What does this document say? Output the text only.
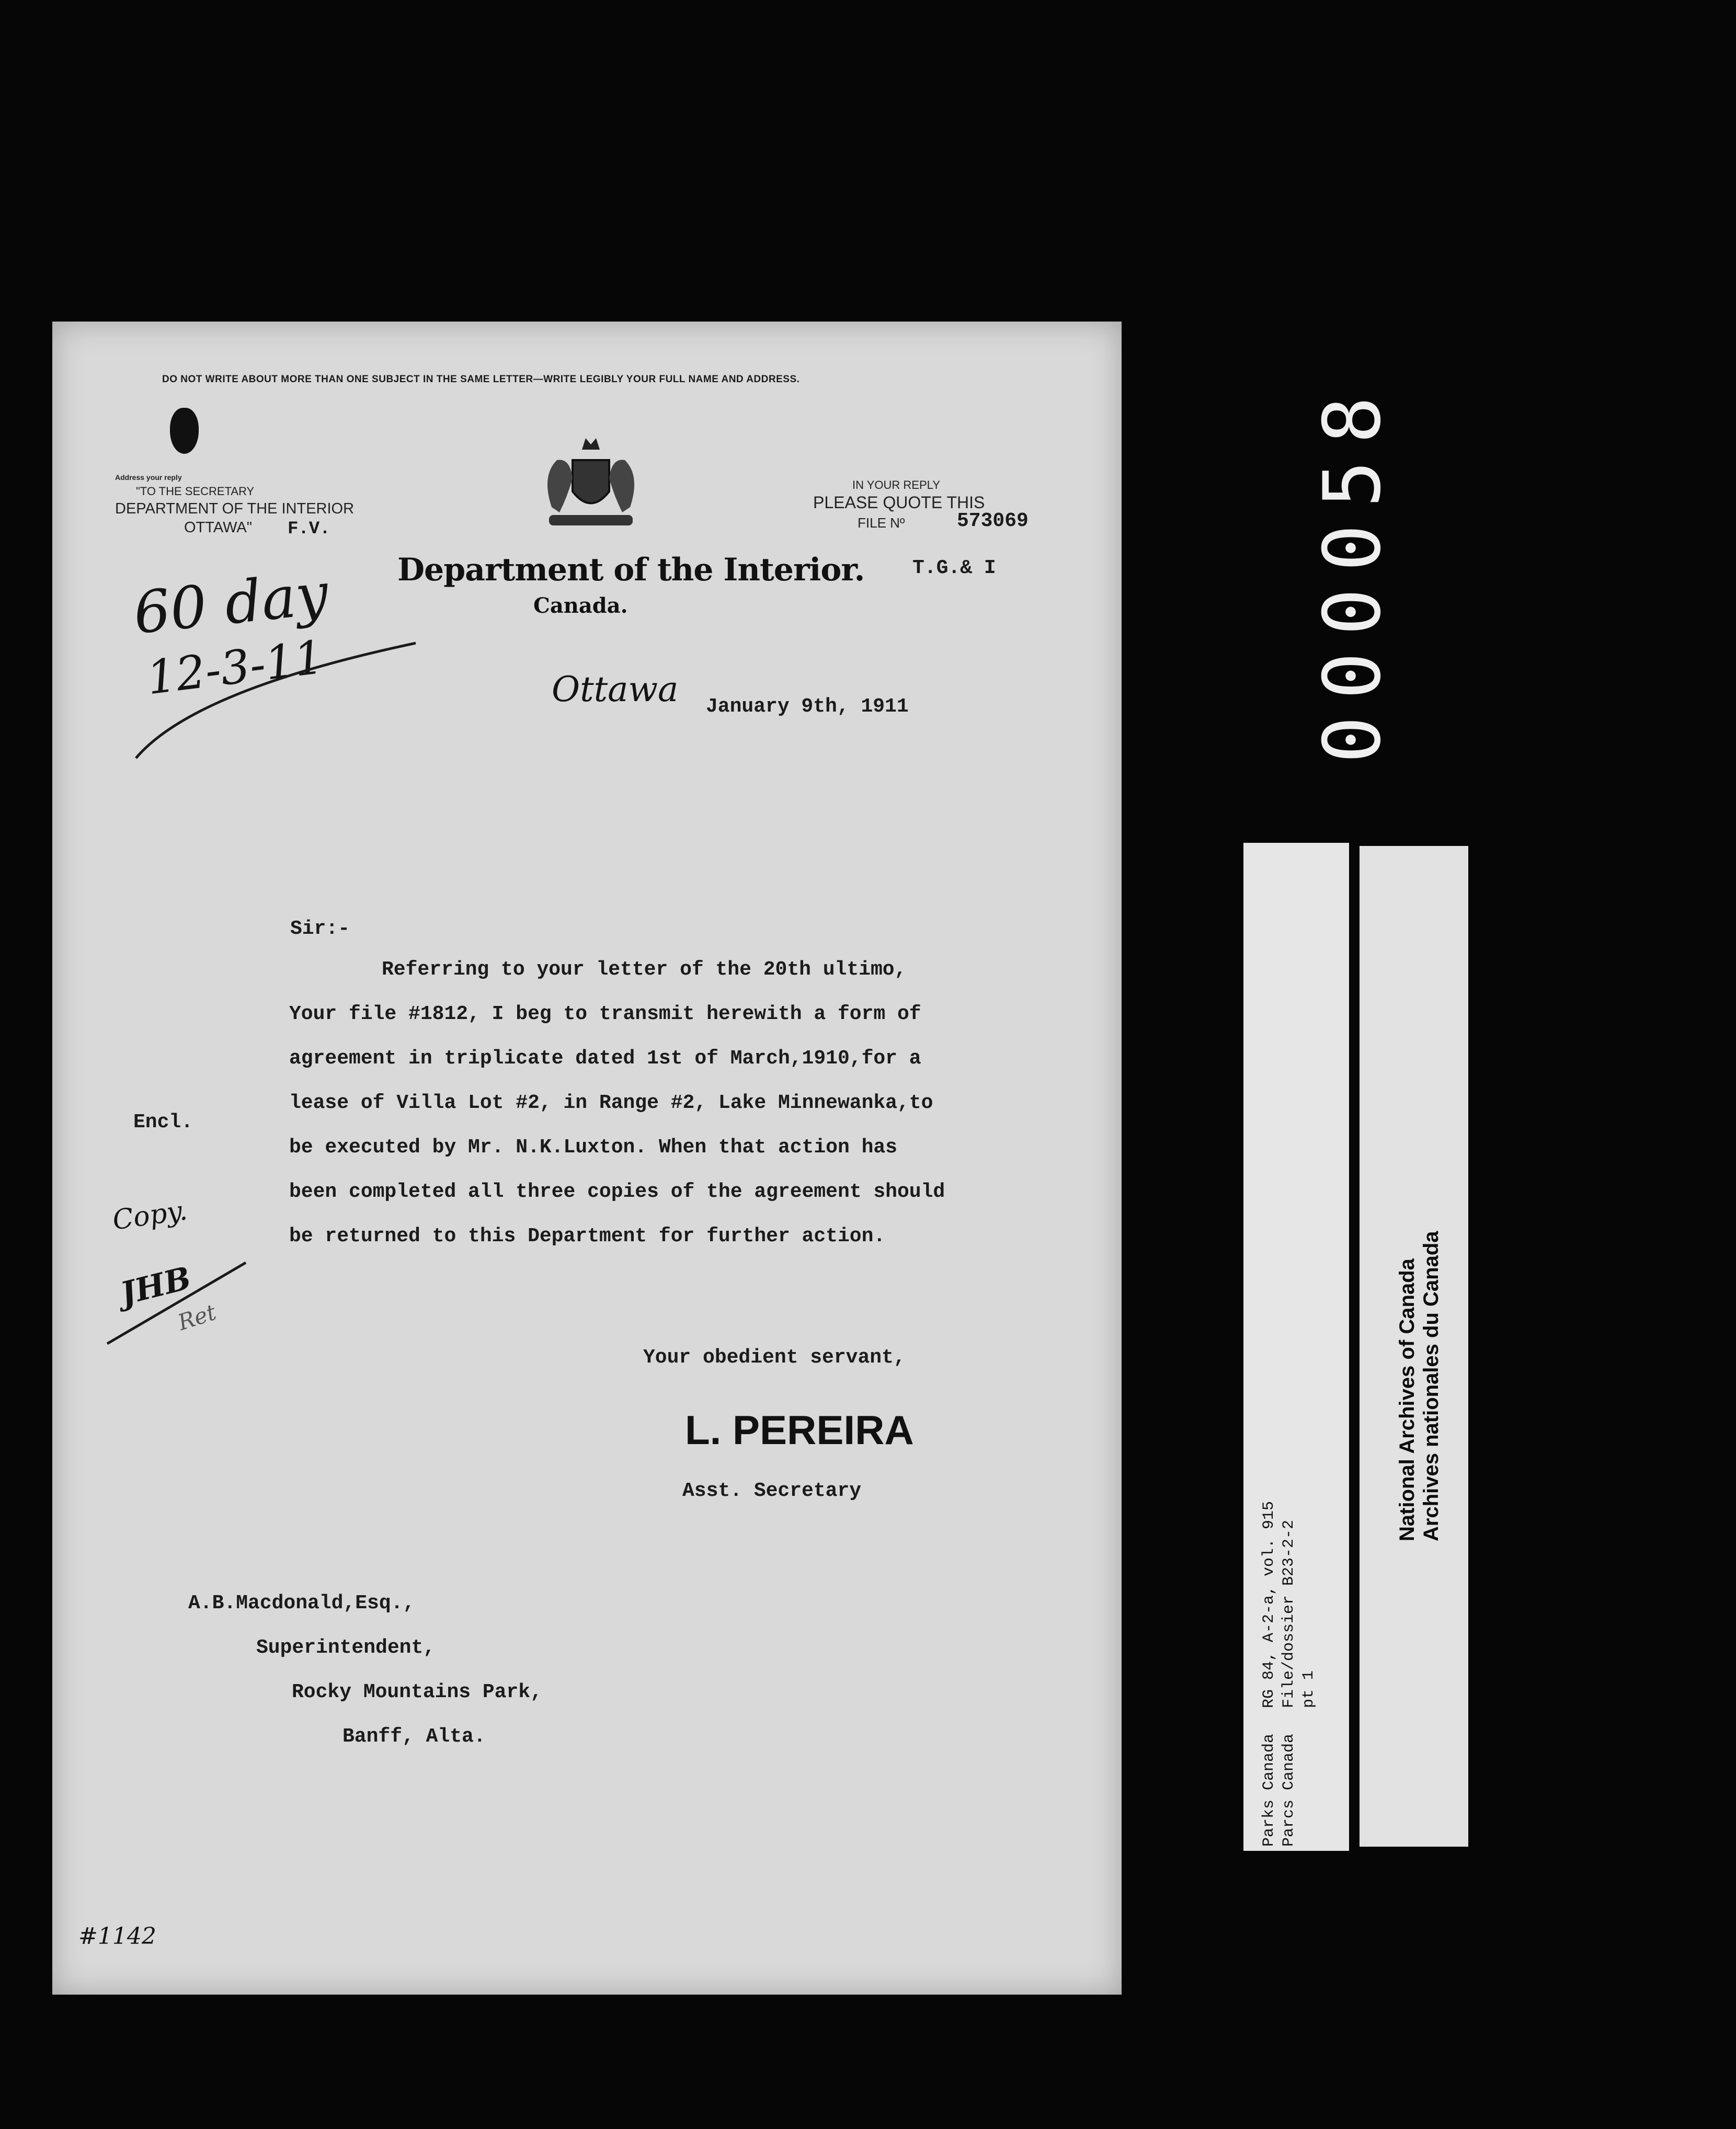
000058
RG 84, A-2-a, vol. 915 File/dossier B23-2-2 pt 1
Parks Canada Parcs Canada
National Archives of Canada Archives nationales du Canada
DO NOT WRITE ABOUT MORE THAN ONE SUBJECT IN THE SAME LETTER—WRITE LEGIBLY YOUR FULL NAME AND ADDRESS.
Address your reply
"TO THE SECRETARY
DEPARTMENT OF THE INTERIOR
OTTAWA" F.V.
Department of the Interior.
Canada.
IN YOUR REPLY
PLEASE QUOTE THIS
FILE Nº	573069
T.G.& I
60 day
12-3-11	Ottawa January 9th, 1911
Sir:-
Referring to your letter of the 20th ultimo,
Your file #1812, I beg to transmit herewith a form of
agreement in triplicate dated 1st of March,1910,for a
lease of Villa Lot #2, in Range #2, Lake Minnewanka,to
be executed by Mr. N.K.Luxton. When that action has
been completed all three copies of the agreement should
be returned to this Department for further action.
Encl.
Copy.
JHB
Ret
Your obedient servant,
L. PEREIRA
Asst. Secretary
A.B.Macdonald,Esq.,
Superintendent,
Rocky Mountains Park,
Banff, Alta.
#1142
